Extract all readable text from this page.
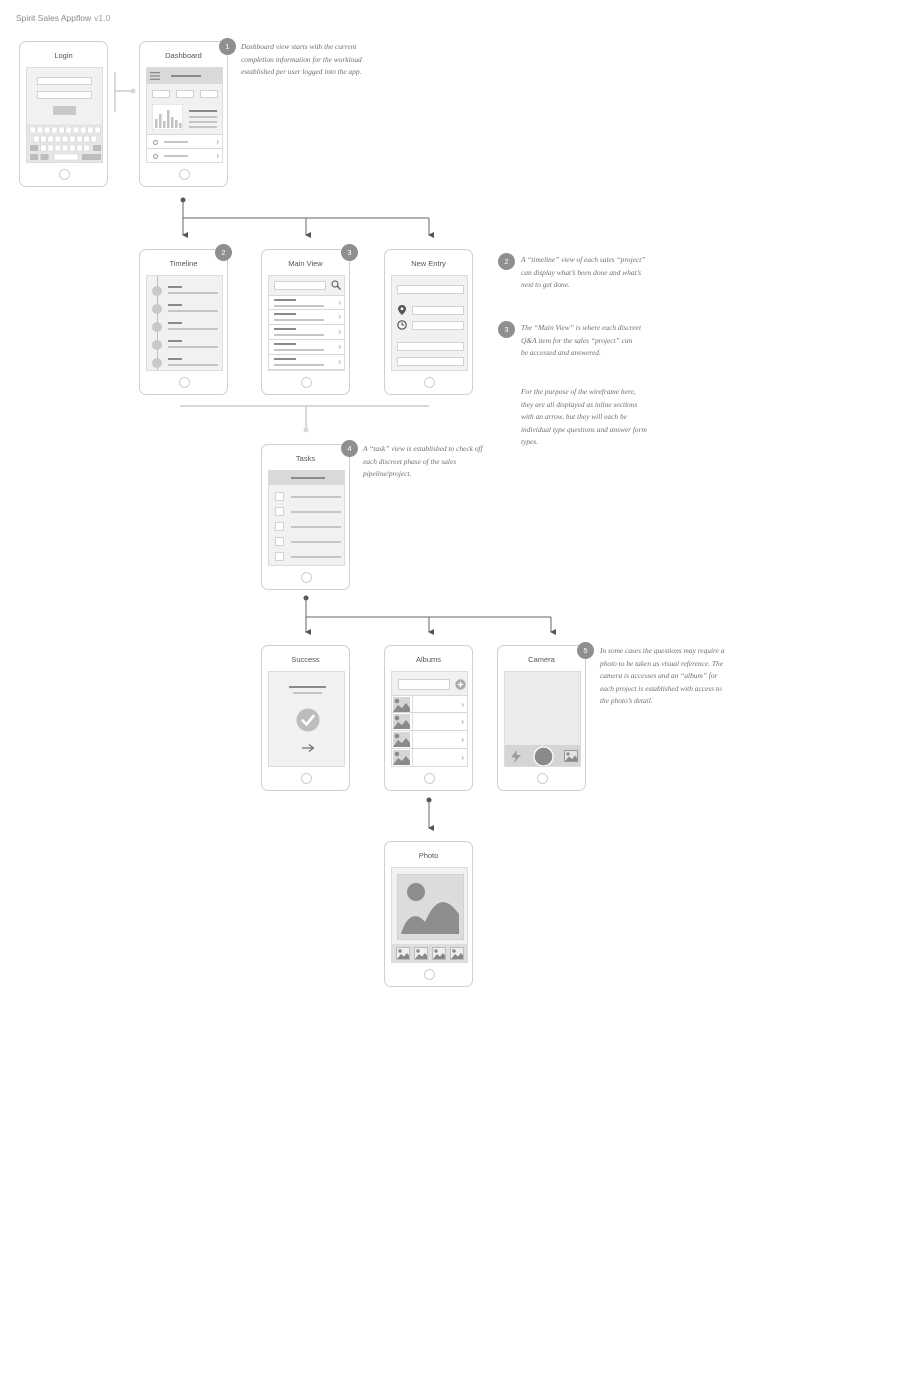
Spirit Sales Appflow v1.0
Login	Dashboard
›
›
1	Dashboard view starts with the current completion information for the workload established per user logged into the app.
Timeline
2
Main View
›
›
›
›
›
3
New Entry	2	A “timeline” view of each sales “project” can display what’s been done and what’s next to get done.
3	The “Main View” is where each discreet Q&A item for the sales “project” can be accessed and answered.
For the purpose of the wireframe here, they are all displayed as inline sections with an arrow, but they will each be individual type questions and answer form types.
Tasks
4	A “task” view is established to check off each discreet phase of the sales pipeline/project.
Success	Albums
›
›
›
›
Camera
5	In some cases the questions may require a photo to be taken as visual reference. The camera is accesses and an “album” for each project is established with access to the photo’s detail.
Photo
